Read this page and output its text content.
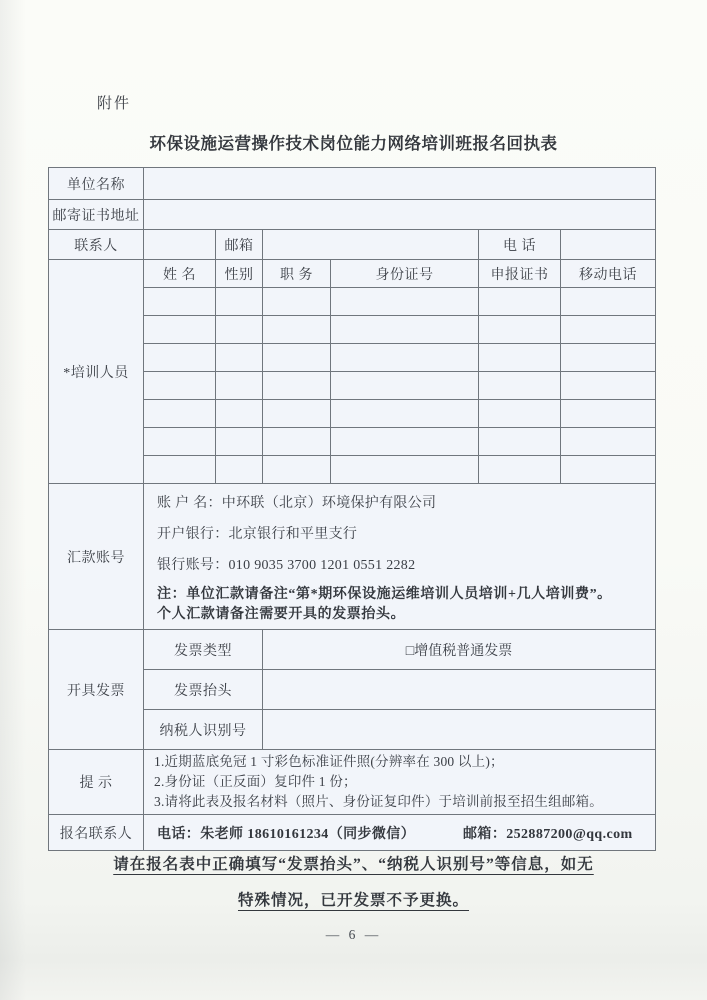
附件
环保设施运营操作技术岗位能力网络培训班报名回执表
单位名称						
邮寄证书地址						
联系人		邮箱			电 话	
*培训人员	姓 名	性别	职 务	身份证号	申报证书	移动电话

汇款账号	账 户 名：中环联（北京）环境保护有限公司
开户银行：北京银行和平里支行
银行账号：010 9035 3700 1201 0551 2282
注：单位汇款请备注“第*期环保设施运维培训人员培训+几人培训费”。
个人汇款请备注需要开具的发票抬头。					

开具发票	发票类型		□增值税普通发票			
	发票抬头					
	纳税人识别号					
提 示	1.近期蓝底免冠 1 寸彩色标准证件照(分辨率在 300 以上)；
2.身份证（正反面）复印件 1 份；
3.请将此表及报名材料（照片、身份证复印件）于培训前报至招生组邮箱。					

报名联系人	电话：朱老师 18610161234（同步微信） 邮箱：252887200@qq.com					
请在报名表中正确填写“发票抬头”、“纳税人识别号”等信息，如无
特殊情况，已开发票不予更换。
— 6 —
